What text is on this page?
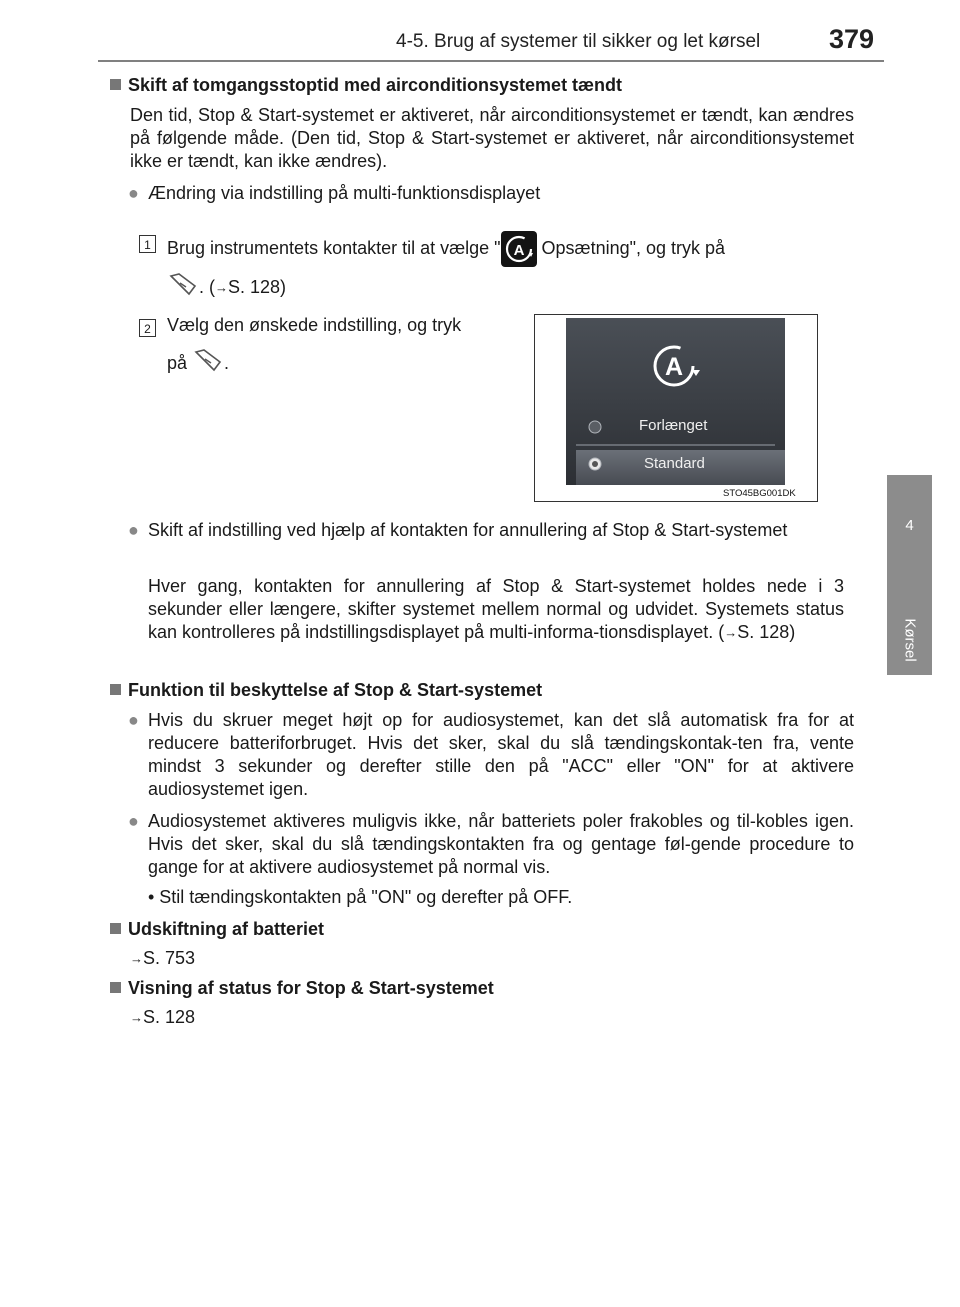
4-5. Brug af systemer til sikker og let kørsel	379
4
Kørsel
Skift af tomgangsstoptid med airconditionsystemet tændt

Den tid, Stop & Start-systemet er aktiveret, når airconditionsystemet er tændt, kan ændres på følgende måde. (Den tid, Stop & Start-systemet er aktiveret, når airconditionsystemet ikke er tændt, kan ikke ændres).

● Ændring via indstilling på multi-funktionsdisplayet
1 Brug instrumentets kontakter til at vælge " A Opsætning", og tryk på
. (→S. 128)
2 Vælg den ønskede indstilling, og tryk
på .	A
Forlænget
Standard
STO45BG001DK
● Skift af indstilling ved hjælp af kontakten for annullering af Stop & Start-systemet

Hver gang, kontakten for annullering af Stop & Start-systemet holdes nede i 3 sekunder eller længere, skifter systemet mellem normal og udvidet. Systemets status kan kontrolleres på indstillingsdisplayet på multi-informa-tionsdisplayet. (→S. 128)

Funktion til beskyttelse af Stop & Start-systemet
● Hvis du skruer meget højt op for audiosystemet, kan det slå automatisk fra for at reducere batteriforbruget. Hvis det sker, skal du slå tændingskontak-ten fra, vente mindst 3 sekunder og derefter stille den på "ACC" eller "ON" for at aktivere audiosystemet igen.

● Audiosystemet aktiveres muligvis ikke, når batteriets poler frakobles og til-kobles igen. Hvis det sker, skal du slå tændingskontakten fra og gentage føl-gende procedure to gange for at aktivere audiosystemet på normal vis.

• Stil tændingskontakten på "ON" og derefter på OFF.
Udskiftning af batteriet
→S. 753
Visning af status for Stop & Start-systemet
→S. 128
